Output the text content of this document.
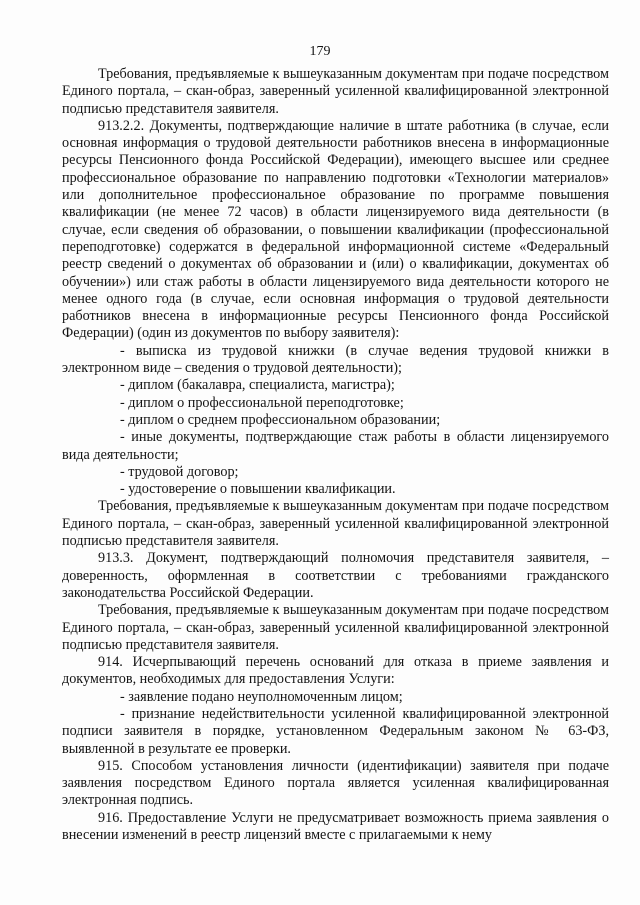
179
Требования, предъявляемые к вышеуказанным документам при подаче посредством Единого портала, – скан-образ, заверенный усиленной квалифицированной электронной подписью представителя заявителя.
913.2.2. Документы, подтверждающие наличие в штате работника (в случае, если основная информация о трудовой деятельности работников внесена в информационные ресурсы Пенсионного фонда Российской Федерации), имеющего высшее или среднее профессиональное образование по направлению подготовки «Технологии материалов» или дополнительное профессиональное образование по программе повышения квалификации (не менее 72 часов) в области лицензируемого вида деятельности (в случае, если сведения об образовании, о повышении квалификации (профессиональной переподготовке) содержатся в федеральной информационной системе «Федеральный реестр сведений о документах об образовании и (или) о квалификации, документах об обучении») или стаж работы в области лицензируемого вида деятельности которого не менее одного года (в случае, если основная информация о трудовой деятельности работников внесена в информационные ресурсы Пенсионного фонда Российской Федерации) (один из документов по выбору заявителя):
- выписка из трудовой книжки (в случае ведения трудовой книжки в электронном виде – сведения о трудовой деятельности);
- диплом (бакалавра, специалиста, магистра);
- диплом о профессиональной переподготовке;
- диплом о среднем профессиональном образовании;
- иные документы, подтверждающие стаж работы в области лицензируемого вида деятельности;
- трудовой договор;
- удостоверение о повышении квалификации.
Требования, предъявляемые к вышеуказанным документам при подаче посредством Единого портала, – скан-образ, заверенный усиленной квалифицированной электронной подписью представителя заявителя.
913.3. Документ, подтверждающий полномочия представителя заявителя, – доверенность, оформленная в соответствии с требованиями гражданского законодательства Российской Федерации.
Требования, предъявляемые к вышеуказанным документам при подаче посредством Единого портала, – скан-образ, заверенный усиленной квалифицированной электронной подписью представителя заявителя.
914. Исчерпывающий перечень оснований для отказа в приеме заявления и документов, необходимых для предоставления Услуги:
- заявление подано неуполномоченным лицом;
- признание недействительности усиленной квалифицированной электронной подписи заявителя в порядке, установленном Федеральным законом № 63-ФЗ, выявленной в результате ее проверки.
915. Способом установления личности (идентификации) заявителя при подаче заявления посредством Единого портала является усиленная квалифицированная электронная подпись.
916. Предоставление Услуги не предусматривает возможность приема заявления о внесении изменений в реестр лицензий вместе с прилагаемыми к нему
